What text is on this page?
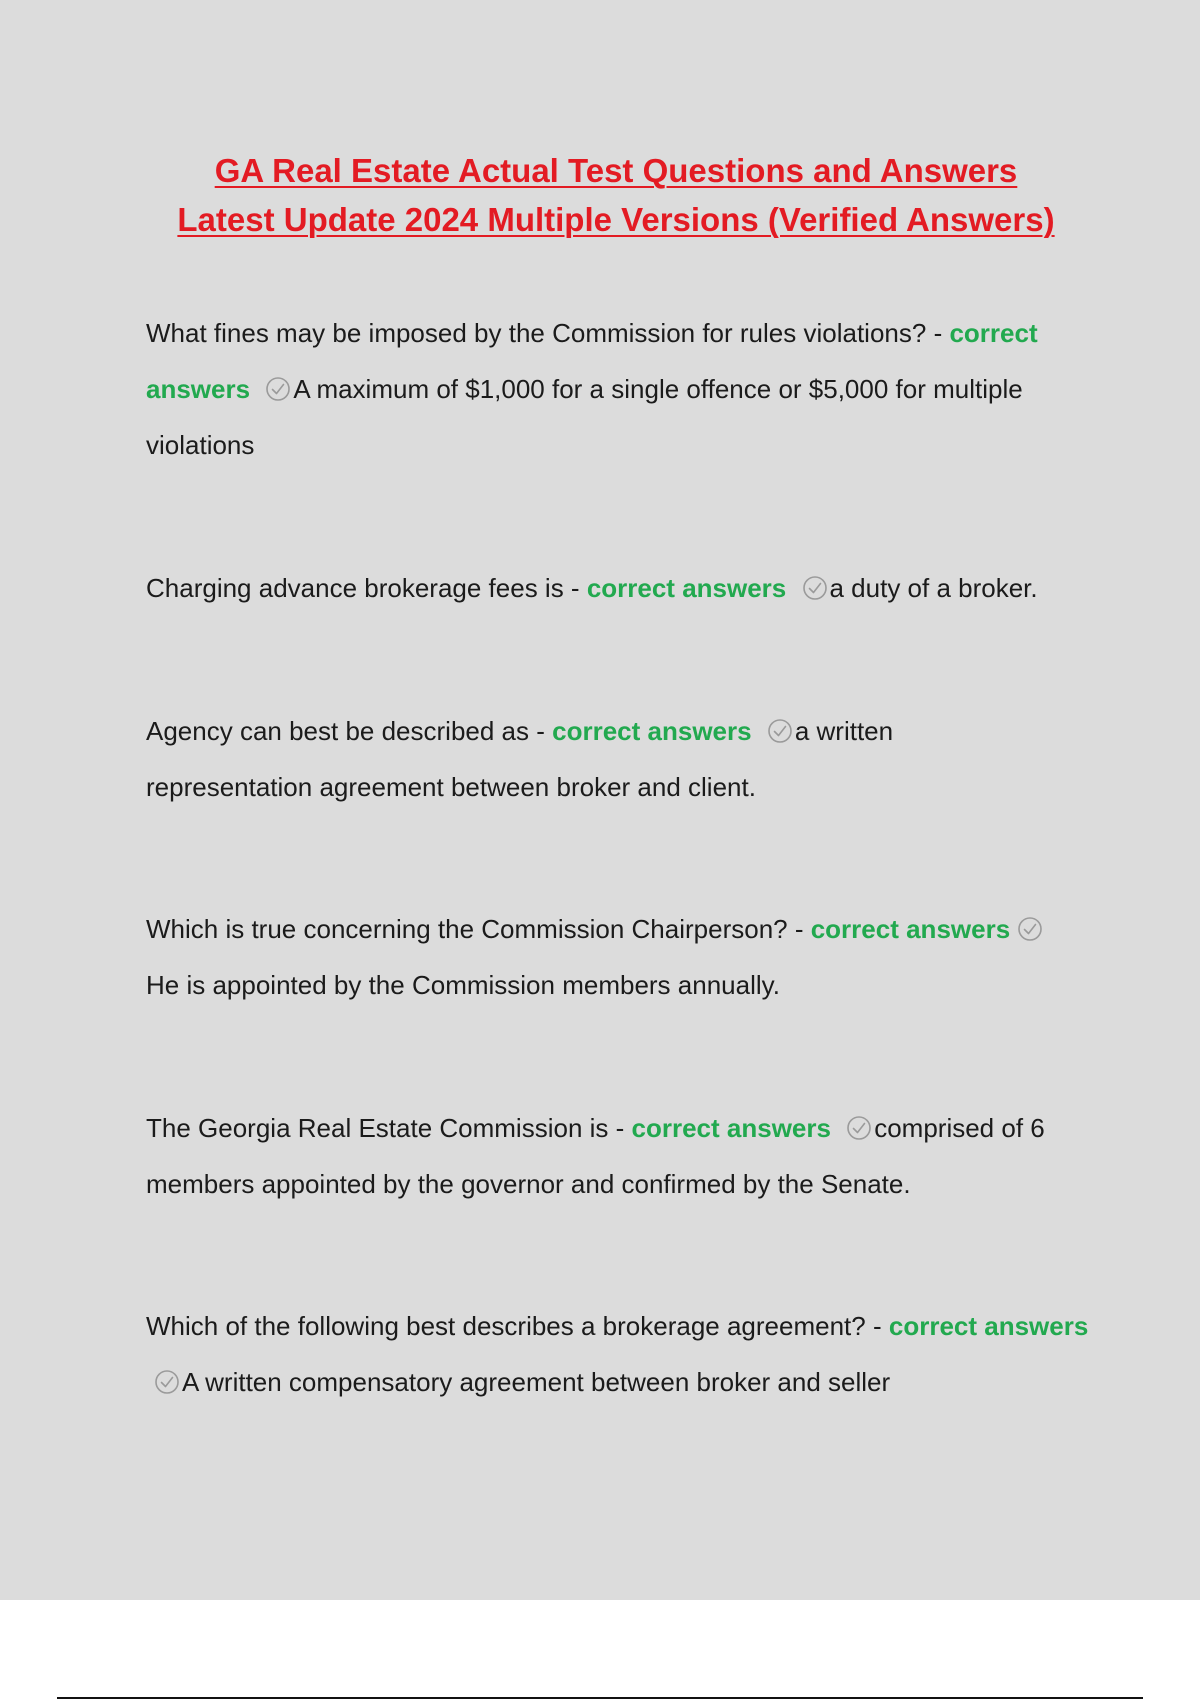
GA Real Estate Actual Test Questions and Answers
Latest Update 2024 Multiple Versions (Verified Answers)

What fines may be imposed by the Commission for rules violations? - correct answers A maximum of $1,000 for a single offence or $5,000 for multiple violations

Charging advance brokerage fees is - correct answers a duty of a broker.

Agency can best be described as - correct answers a written representation agreement between broker and client.

Which is true concerning the Commission Chairperson? - correct answers He is appointed by the Commission members annually.

The Georgia Real Estate Commission is - correct answers comprised of 6 members appointed by the governor and confirmed by the Senate.

Which of the following best describes a brokerage agreement? - correct answers A written compensatory agreement between broker and seller
